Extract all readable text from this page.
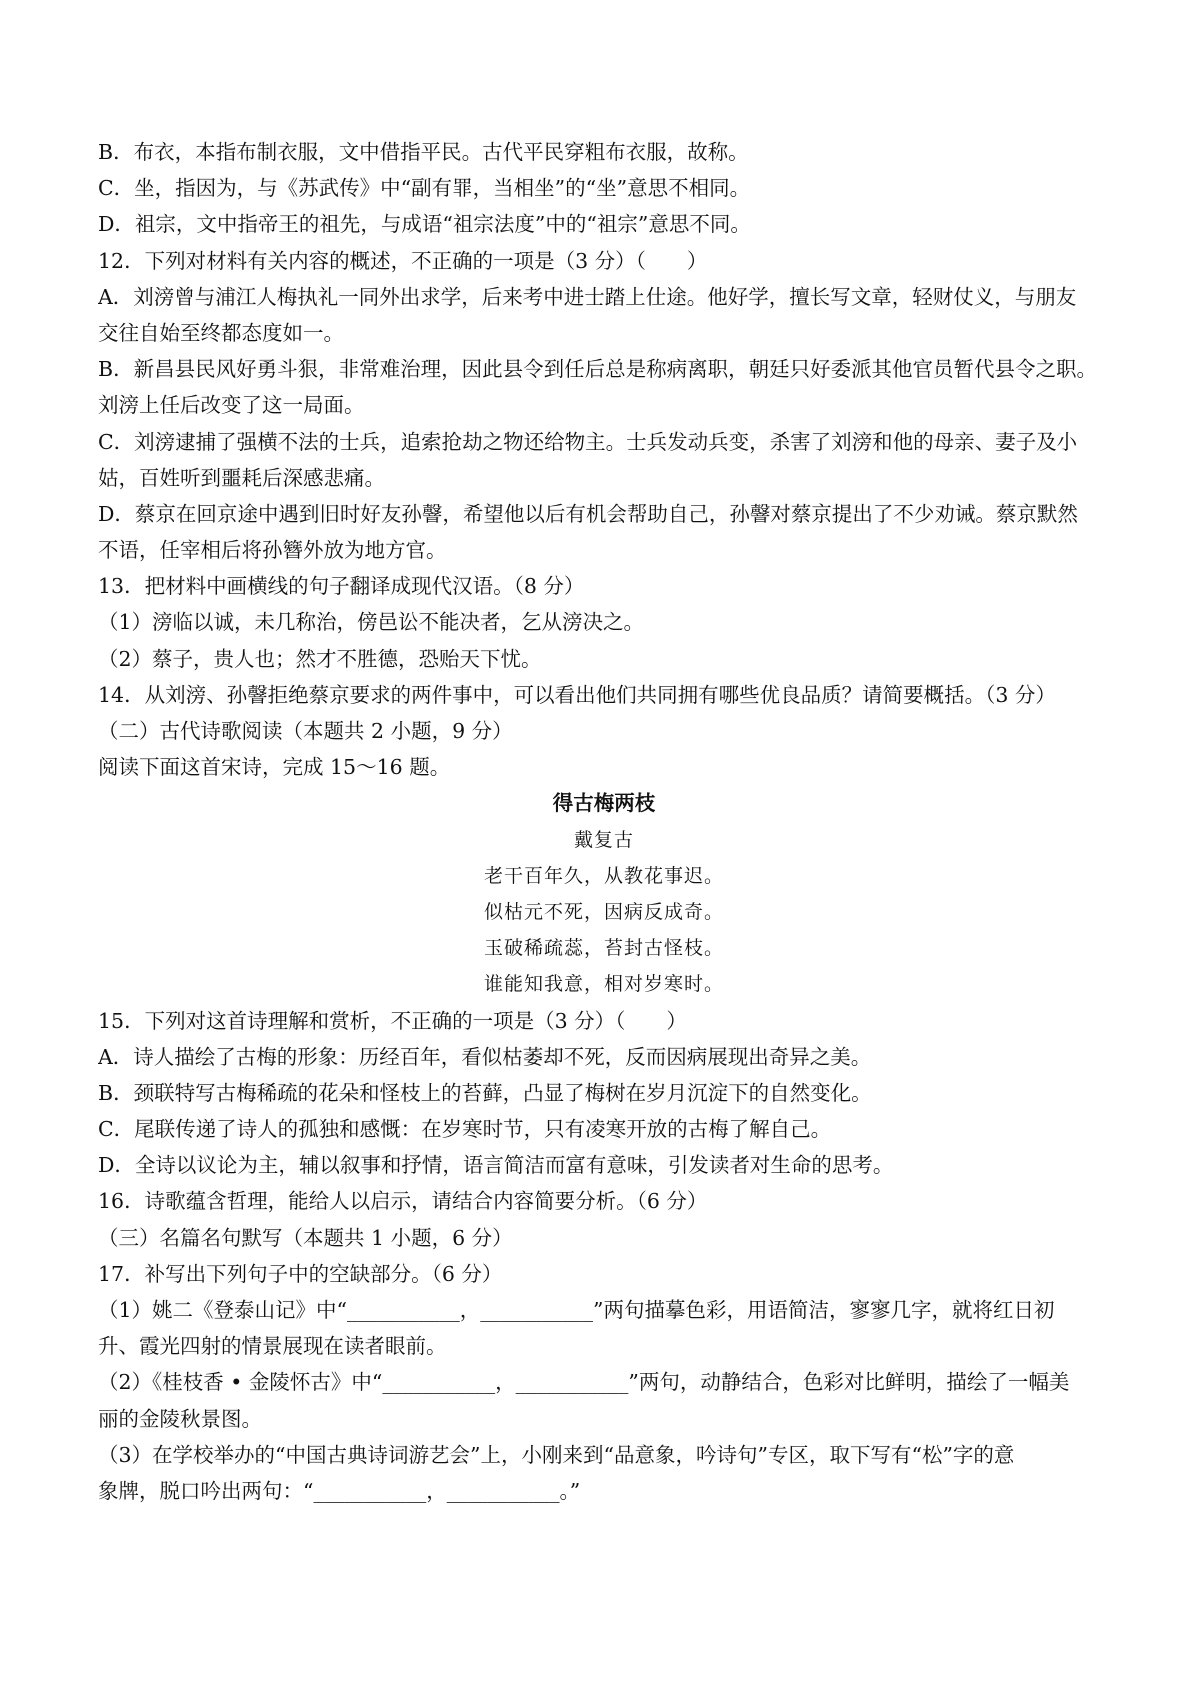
B．布衣，本指布制衣服，文中借指平民。古代平民穿粗布衣服，故称。
C．坐，指因为，与《苏武传》中“副有罪，当相坐”的“坐”意思不相同。
D．祖宗，文中指帝王的祖先，与成语“祖宗法度”中的“祖宗”意思不同。
12．下列对材料有关内容的概述，不正确的一项是（3 分）（　　）
A．刘滂曾与浦江人梅执礼一同外出求学，后来考中进士踏上仕途。他好学，擅长写文章，轻财仗义，与朋友
交往自始至终都态度如一。
B．新昌县民风好勇斗狠，非常难治理，因此县令到任后总是称病离职，朝廷只好委派其他官员暂代县令之职。
刘滂上任后改变了这一局面。
C．刘滂逮捕了强横不法的士兵，追索抢劫之物还给物主。士兵发动兵变，杀害了刘滂和他的母亲、妻子及小
姑，百姓听到噩耗后深感悲痛。
D．蔡京在回京途中遇到旧时好友孙韾，希望他以后有机会帮助自己，孙韾对蔡京提出了不少劝诫。蔡京默然
不语，任宰相后将孙簪外放为地方官。
13．把材料中画横线的句子翻译成现代汉语。（8 分）
（1）滂临以诚，未几称治，傍邑讼不能决者，乞从滂决之。
（2）蔡子，贵人也；然才不胜德，恐贻天下忧。
14．从刘滂、孙韾拒绝蔡京要求的两件事中，可以看出他们共同拥有哪些优良品质？请简要概括。（3 分）
（二）古代诗歌阅读（本题共 2 小题，9 分）
阅读下面这首宋诗，完成 15～16 题。
得古梅两枝
戴复古
老干百年久，从教花事迟。
似枯元不死，因病反成奇。
玉破稀疏蕊，苔封古怪枝。
谁能知我意，相对岁寒时。
15．下列对这首诗理解和赏析，不正确的一项是（3 分）（　　）
A．诗人描绘了古梅的形象：历经百年，看似枯萎却不死，反而因病展现出奇异之美。
B．颈联特写古梅稀疏的花朵和怪枝上的苔藓，凸显了梅树在岁月沉淀下的自然变化。
C．尾联传递了诗人的孤独和感慨：在岁寒时节，只有凌寒开放的古梅了解自己。
D．全诗以议论为主，辅以叙事和抒情，语言简洁而富有意味，引发读者对生命的思考。
16．诗歌蕴含哲理，能给人以启示，请结合内容简要分析。（6 分）
（三）名篇名句默写（本题共 1 小题，6 分）
17．补写出下列句子中的空缺部分。（6 分）
（1）姚二《登泰山记》中“___________，___________”两句描摹色彩，用语简洁，寥寥几字，就将红日初
升、霞光四射的情景展现在读者眼前。
（2）《桂枝香 • 金陵怀古》中“___________，___________”两句，动静结合，色彩对比鲜明，描绘了一幅美
丽的金陵秋景图。
（3）在学校举办的“中国古典诗词游艺会”上，小刚来到“品意象，吟诗句”专区，取下写有“松”字的意
象牌，脱口吟出两句：“___________，___________。”
